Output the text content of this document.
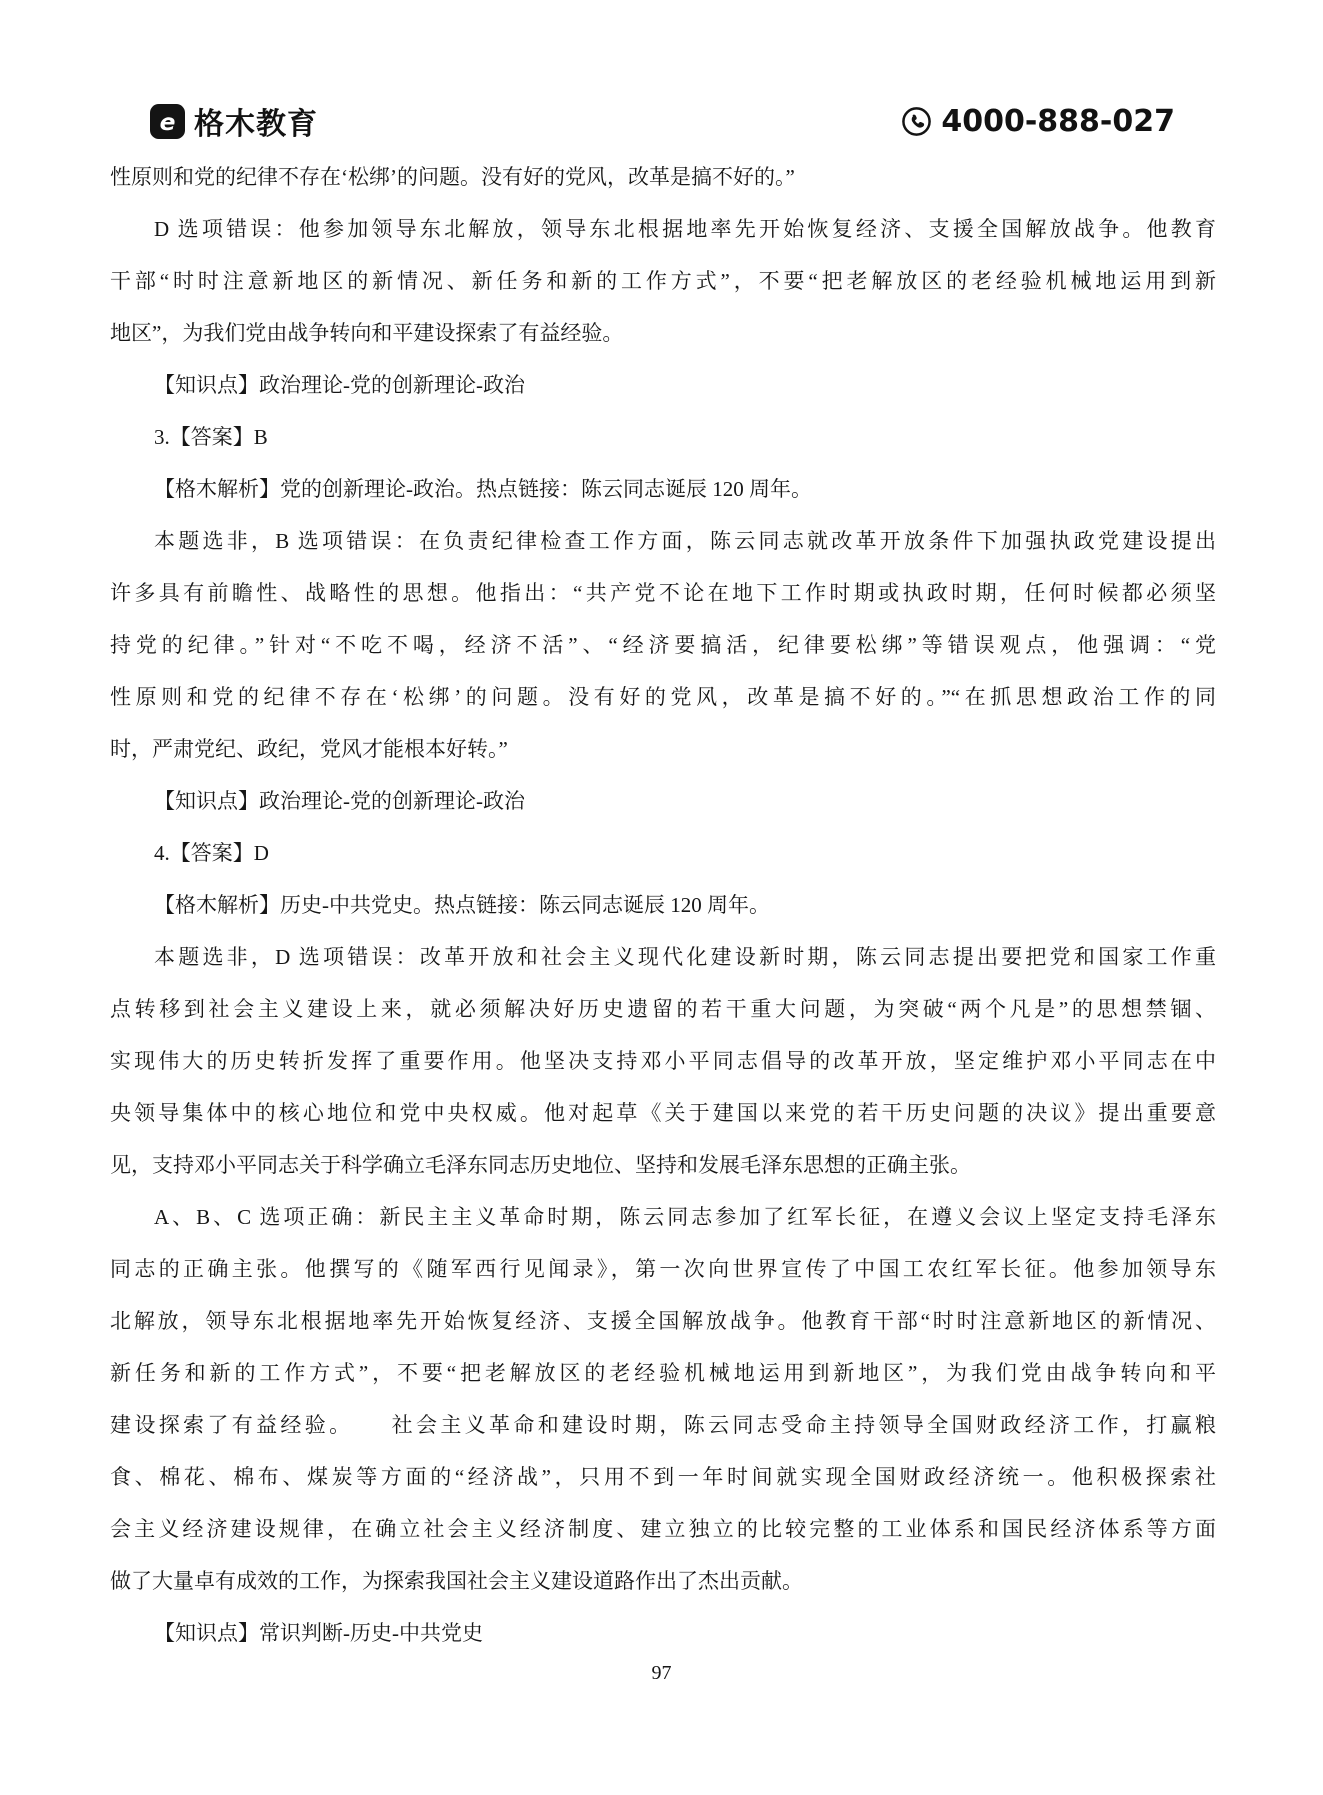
e 格木教育	4000-888-027
性原则和党的纪律不存在‘松绑’的问题。没有好的党风，改革是搞不好的。”
D 选项错误：他参加领导东北解放，领导东北根据地率先开始恢复经济、支援全国解放战争。他教育
干部“时时注意新地区的新情况、新任务和新的工作方式”，不要“把老解放区的老经验机械地运用到新
地区”，为我们党由战争转向和平建设探索了有益经验。
【知识点】政治理论-党的创新理论-政治
3.【答案】B
【格木解析】党的创新理论-政治。热点链接：陈云同志诞辰 120 周年。
本题选非，B 选项错误：在负责纪律检查工作方面，陈云同志就改革开放条件下加强执政党建设提出
许多具有前瞻性、战略性的思想。他指出：“共产党不论在地下工作时期或执政时期，任何时候都必须坚
持党的纪律。”针对“不吃不喝，经济不活”、“经济要搞活，纪律要松绑”等错误观点，他强调：“党
性原则和党的纪律不存在‘松绑’的问题。没有好的党风，改革是搞不好的。”“在抓思想政治工作的同
时，严肃党纪、政纪，党风才能根本好转。”
【知识点】政治理论-党的创新理论-政治
4.【答案】D
【格木解析】历史-中共党史。热点链接：陈云同志诞辰 120 周年。
本题选非，D 选项错误：改革开放和社会主义现代化建设新时期，陈云同志提出要把党和国家工作重
点转移到社会主义建设上来，就必须解决好历史遗留的若干重大问题，为突破“两个凡是”的思想禁锢、
实现伟大的历史转折发挥了重要作用。他坚决支持邓小平同志倡导的改革开放，坚定维护邓小平同志在中
央领导集体中的核心地位和党中央权威。他对起草《关于建国以来党的若干历史问题的决议》提出重要意
见，支持邓小平同志关于科学确立毛泽东同志历史地位、坚持和发展毛泽东思想的正确主张。
A、B、C 选项正确：新民主主义革命时期，陈云同志参加了红军长征，在遵义会议上坚定支持毛泽东
同志的正确主张。他撰写的《随军西行见闻录》，第一次向世界宣传了中国工农红军长征。他参加领导东
北解放，领导东北根据地率先开始恢复经济、支援全国解放战争。他教育干部“时时注意新地区的新情况、
新任务和新的工作方式”，不要“把老解放区的老经验机械地运用到新地区”，为我们党由战争转向和平
建设探索了有益经验。　　社会主义革命和建设时期，陈云同志受命主持领导全国财政经济工作，打赢粮
食、棉花、棉布、煤炭等方面的“经济战”，只用不到一年时间就实现全国财政经济统一。他积极探索社
会主义经济建设规律，在确立社会主义经济制度、建立独立的比较完整的工业体系和国民经济体系等方面
做了大量卓有成效的工作，为探索我国社会主义建设道路作出了杰出贡献。
【知识点】常识判断-历史-中共党史
97
